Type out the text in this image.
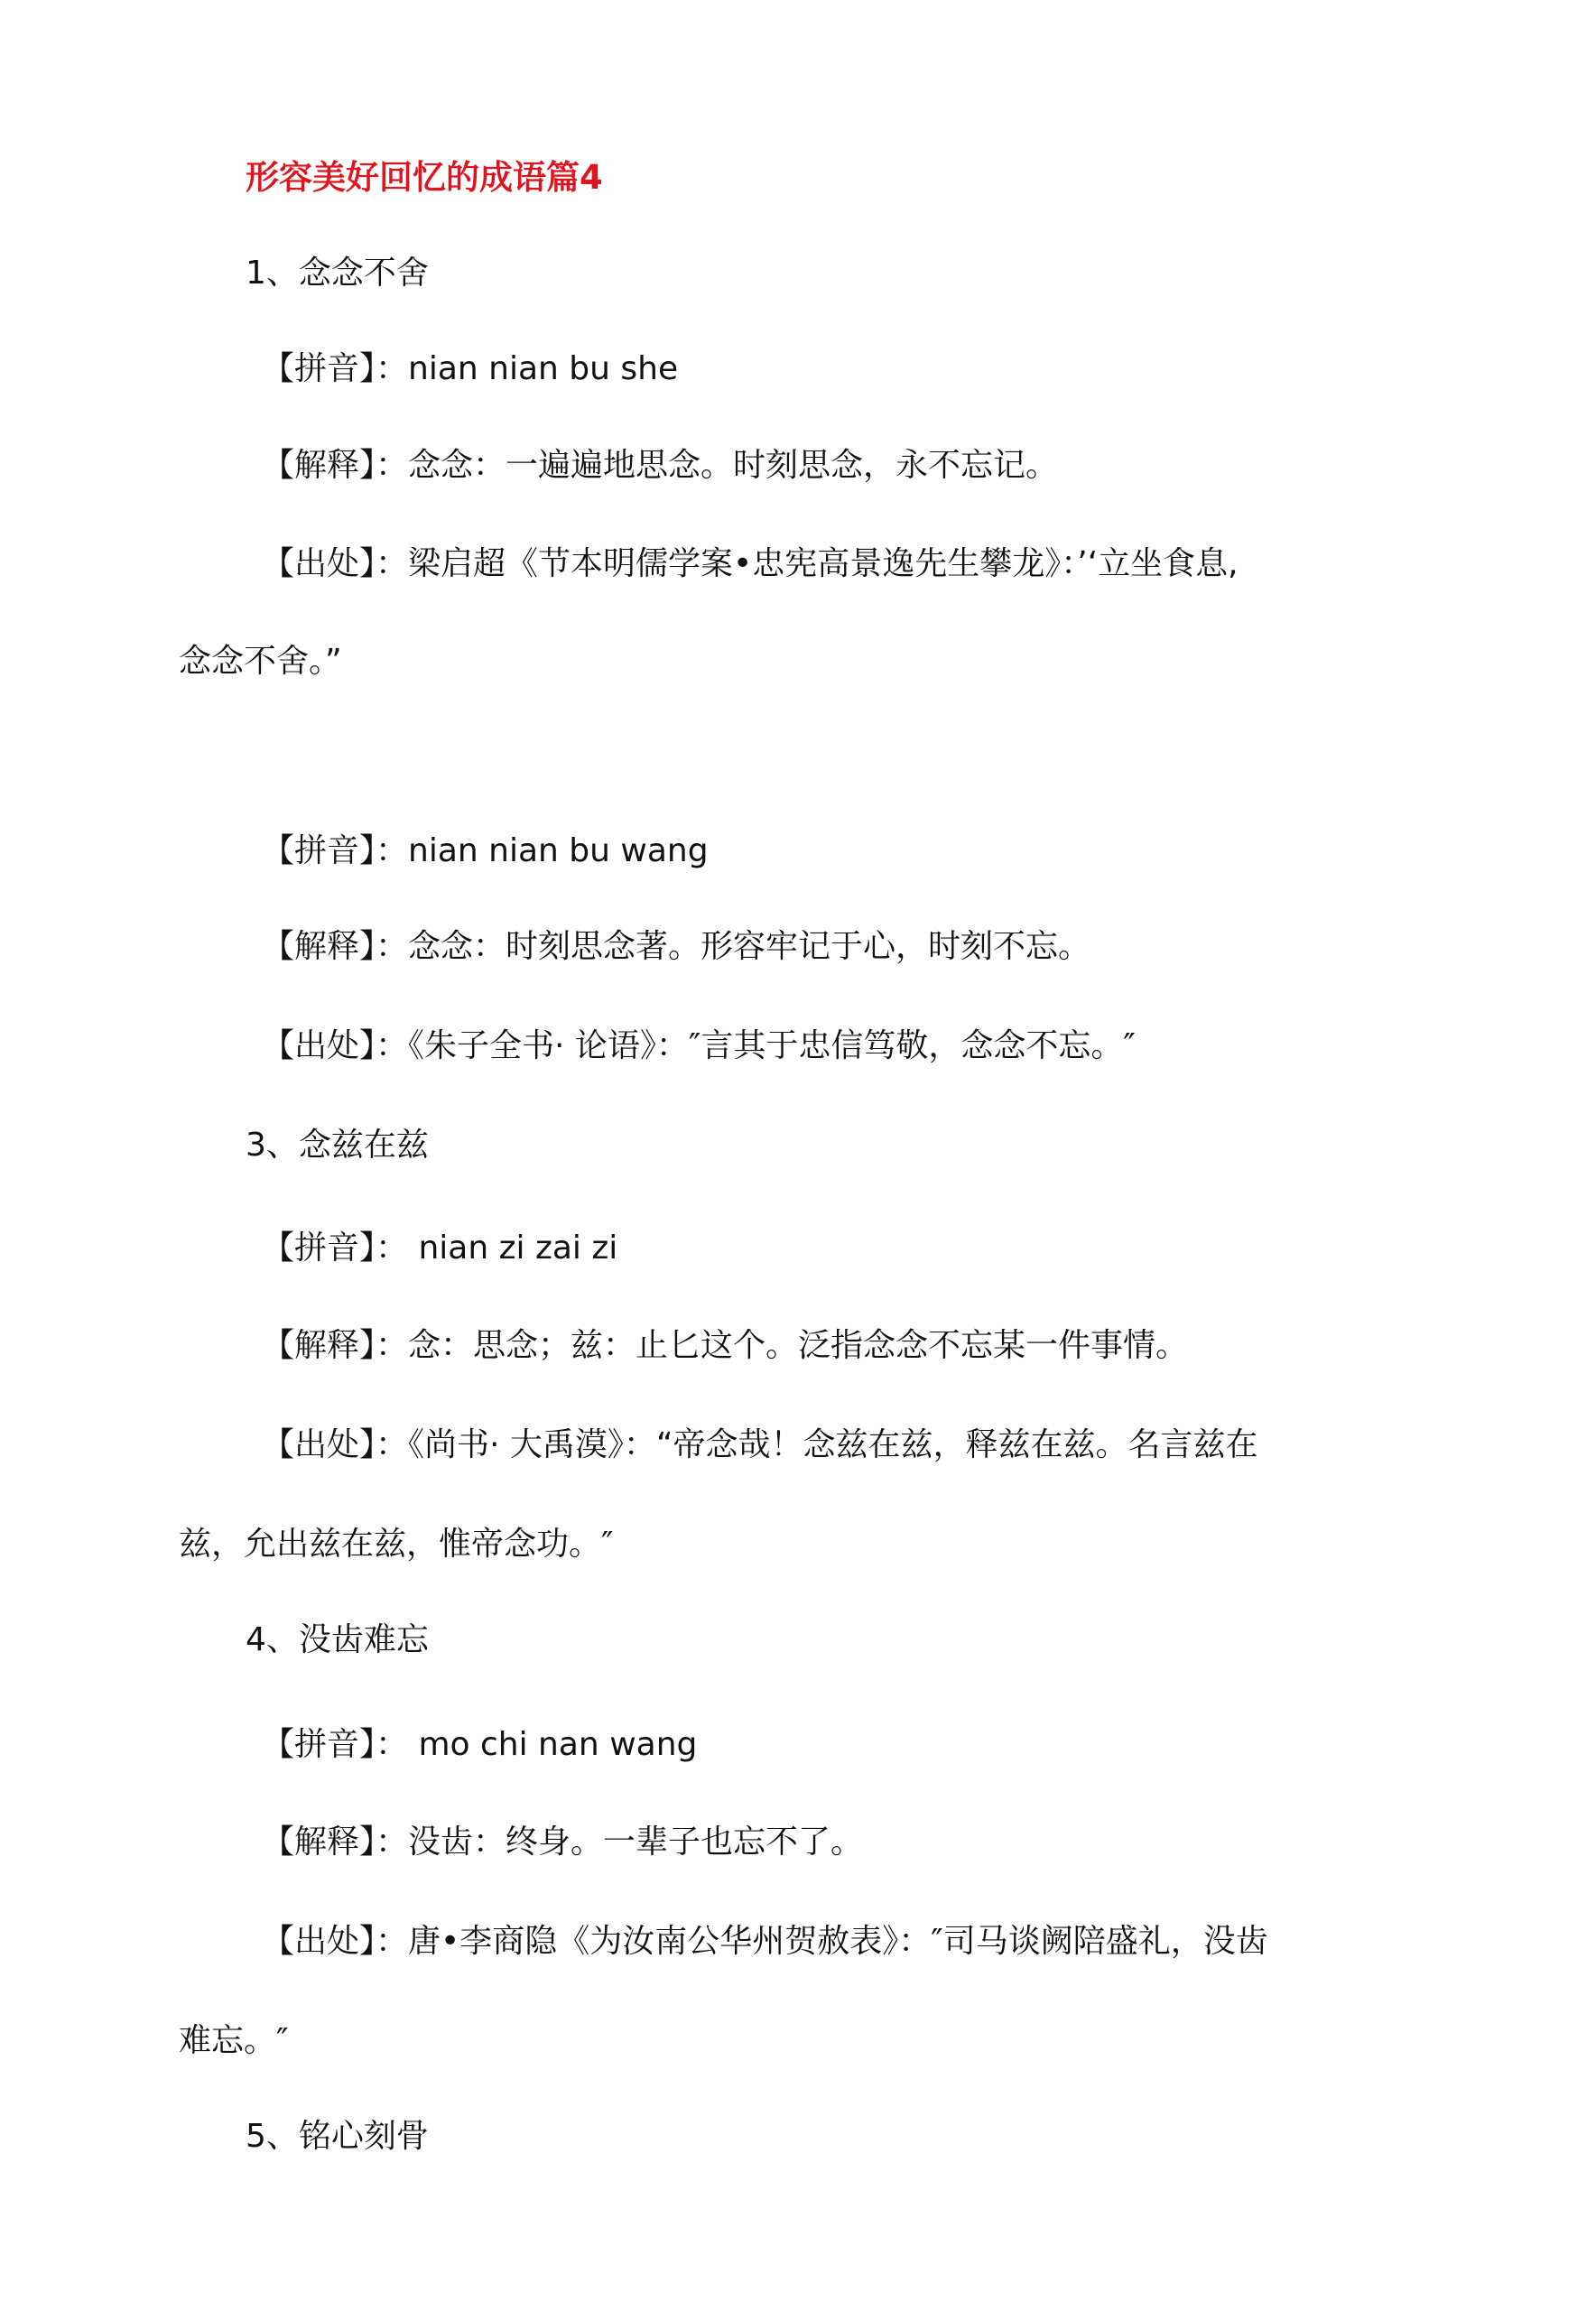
形容美好回忆的成语篇4
1、念念不舍
【拼音】：nian nian bu she
【解释】：念念：一遍遍地思念。时刻思念，永不忘记。
【出处】：梁启超《节本明儒学案•忠宪高景逸先生攀龙》：’‘立坐食息,
念念不舍。”
【拼音】：nian nian bu wang
【解释】：念念：时刻思念著。形容牢记于心，时刻不忘。
【出处】：《朱子全书· 论语》：″言其于忠信笃敬，念念不忘。″
3、念兹在兹
【拼音】： nian zi zai zi
【解释】：念：思念；兹：止匕这个。泛指念念不忘某一件事情。
【出处】：《尚书· 大禹漠》：“帝念哉！念兹在兹，释兹在兹。名言兹在
兹，允出兹在兹，惟帝念功。″
4、没齿难忘
【拼音】： mo chi nan wang
【解释】：没齿：终身。一辈子也忘不了。
【出处】：唐•李商隐《为汝南公华州贺赦表》：″司马谈阙陪盛礼，没齿
难忘。″
5、铭心刻骨
